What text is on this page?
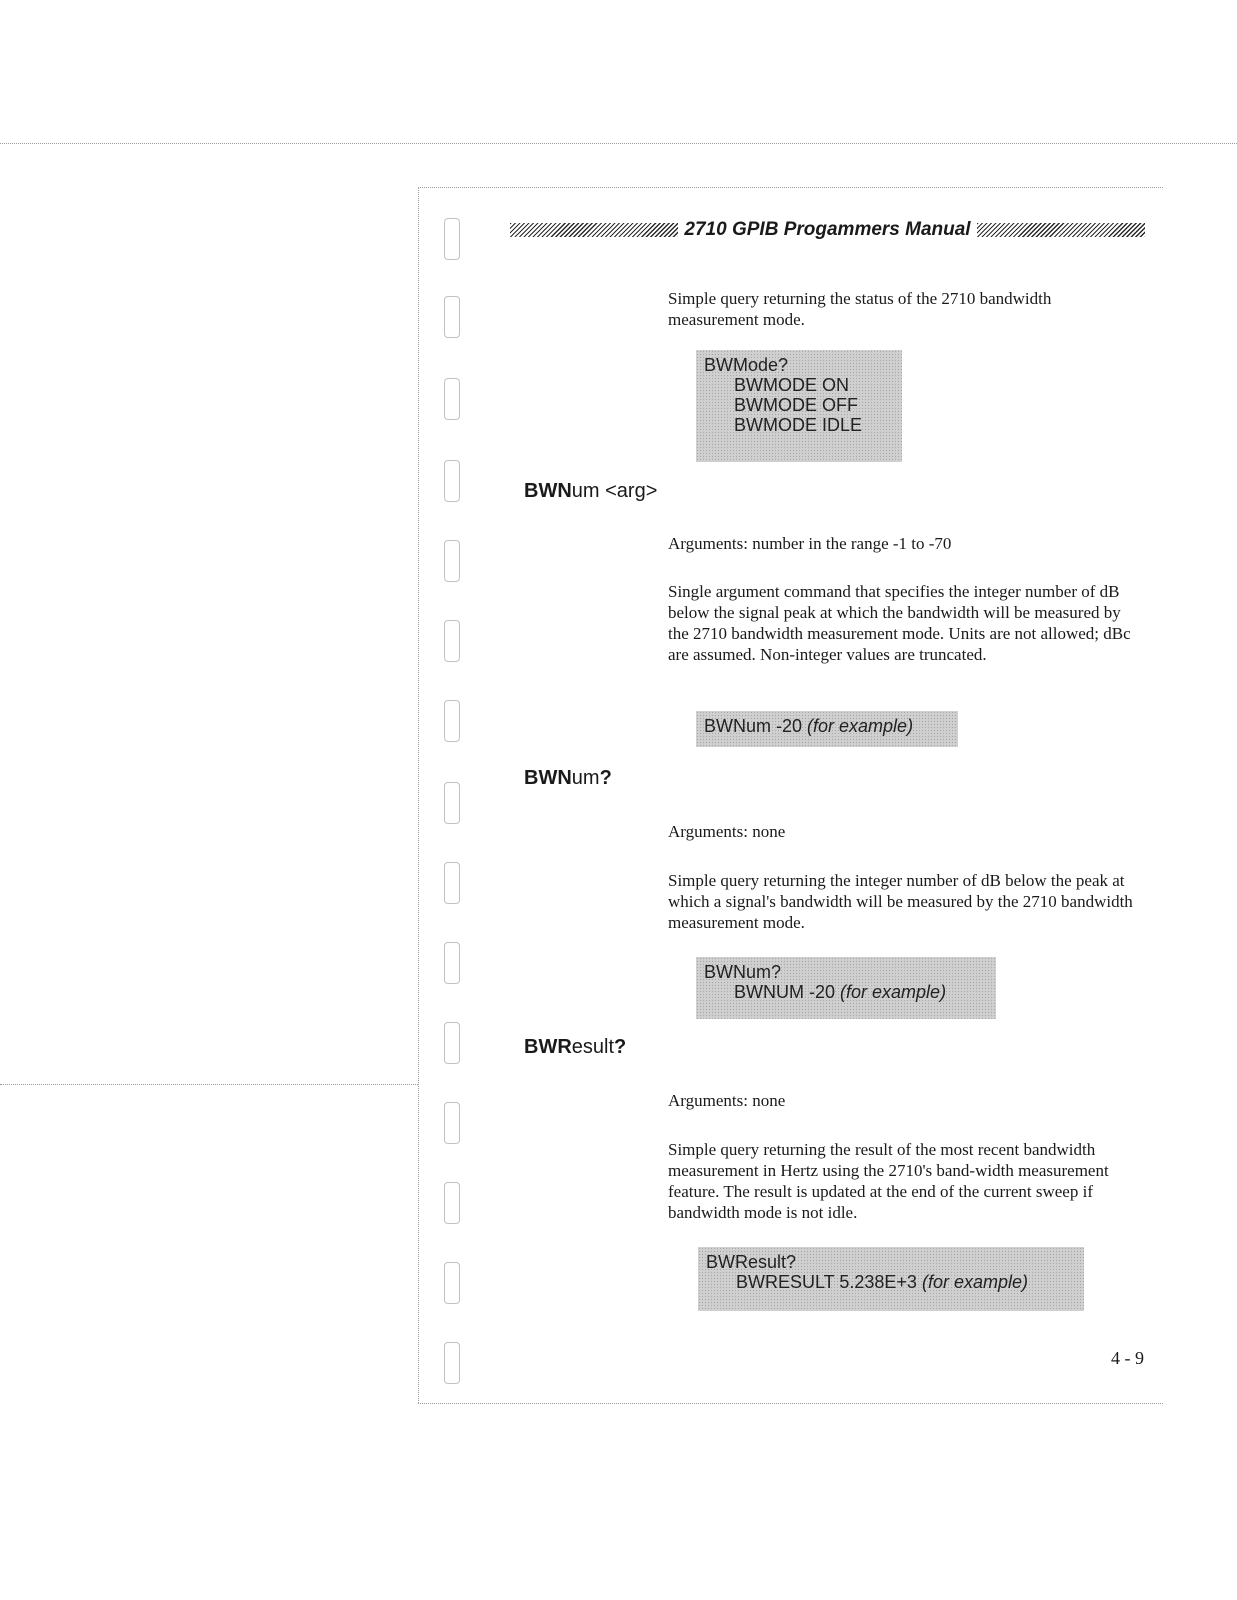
2710 GPIB Progammers Manual
Simple query returning the status of the 2710 bandwidth measurement mode.
BWMode?
BWMODE ON
BWMODE OFF
BWMODE IDLE
BWNum <arg>
Arguments: number in the range -1 to -70
Single argument command that specifies the integer number of dB below the signal peak at which the bandwidth will be measured by the 2710 bandwidth measurement mode. Units are not allowed; dBc are assumed. Non-integer values are truncated.
BWNum -20 (for example)
BWNum?
Arguments: none
Simple query returning the integer number of dB below the peak at which a signal's bandwidth will be measured by the 2710 bandwidth measurement mode.
BWNum?
BWNUM -20 (for example)
BWResult?
Arguments: none
Simple query returning the result of the most recent bandwidth measurement in Hertz using the 2710's band-width measurement feature. The result is updated at the end of the current sweep if bandwidth mode is not idle.
BWResult?
BWRESULT 5.238E+3 (for example)
4 - 9
